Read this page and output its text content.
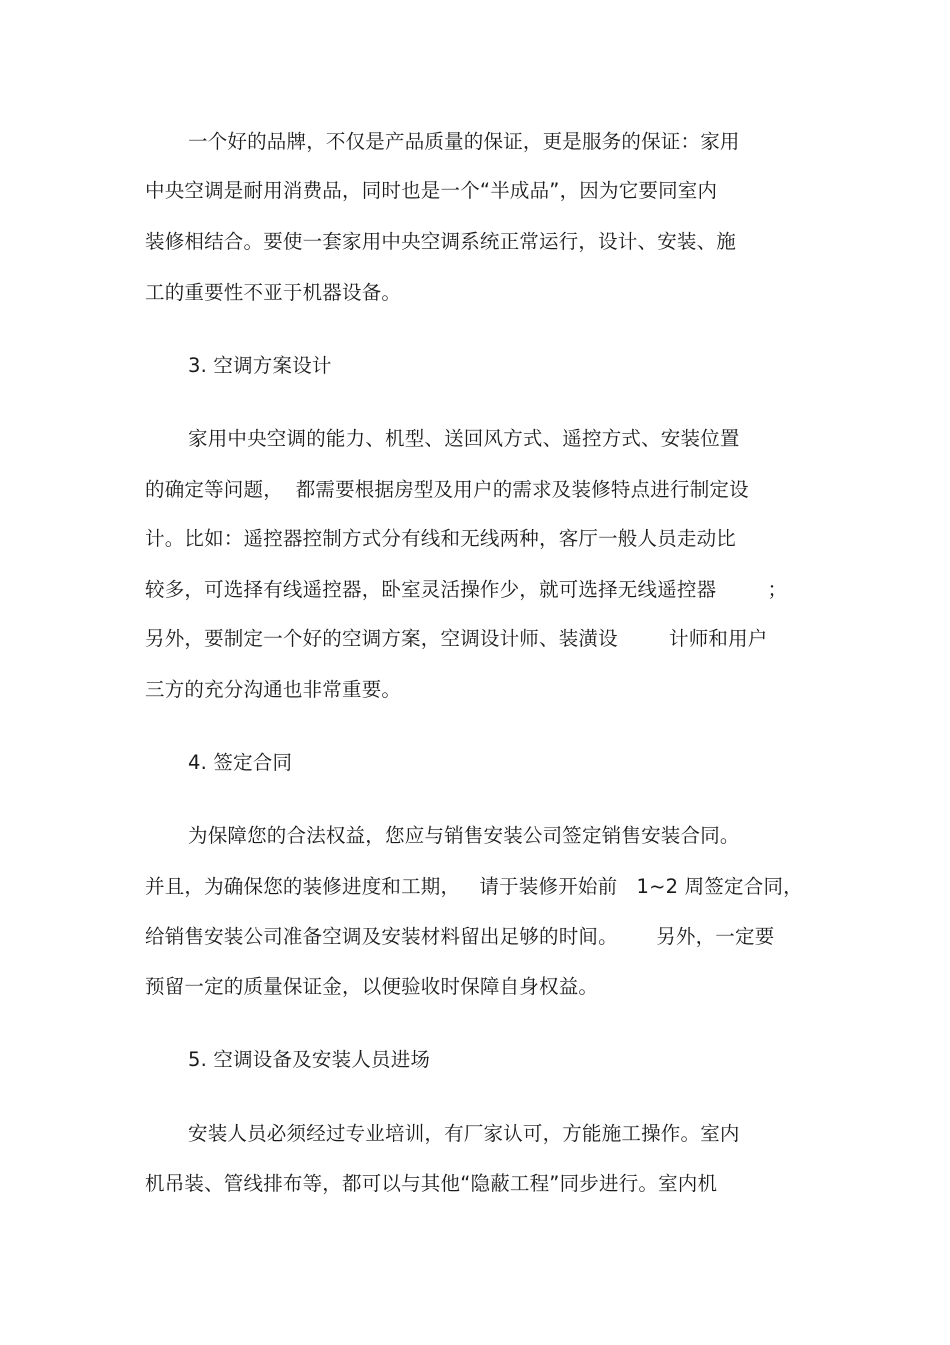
一个好的品牌，不仅是产品质量的保证，更是服务的保证：家用
中央空调是耐用消费品，同时也是一个“半成品”，因为它要同室内
装修相结合。要使一套家用中央空调系统正常运行，设计、安装、施
工的重要性不亚于机器设备。
3. 空调方案设计
家用中央空调的能力、机型、送回风方式、遥控方式、安装位置
的确定等问题，  都需要根据房型及用户的需求及装修特点进行制定设
计。比如：遥控器控制方式分有线和无线两种，客厅一般人员走动比
较多，可选择有线遥控器，卧室灵活操作少，就可选择无线遥控器        ；
另外，要制定一个好的空调方案，空调设计师、装潢设        计师和用户
三方的充分沟通也非常重要。
4. 签定合同
为保障您的合法权益，您应与销售安装公司签定销售安装合同。
并且，为确保您的装修进度和工期，   请于装修开始前   1~2 周签定合同，
给销售安装公司准备空调及安装材料留出足够的时间。      另外，一定要
预留一定的质量保证金，以便验收时保障自身权益。
5. 空调设备及安装人员进场
安装人员必须经过专业培训，有厂家认可，方能施工操作。室内
机吊装、管线排布等，都可以与其他“隐蔽工程”同步进行。室内机
